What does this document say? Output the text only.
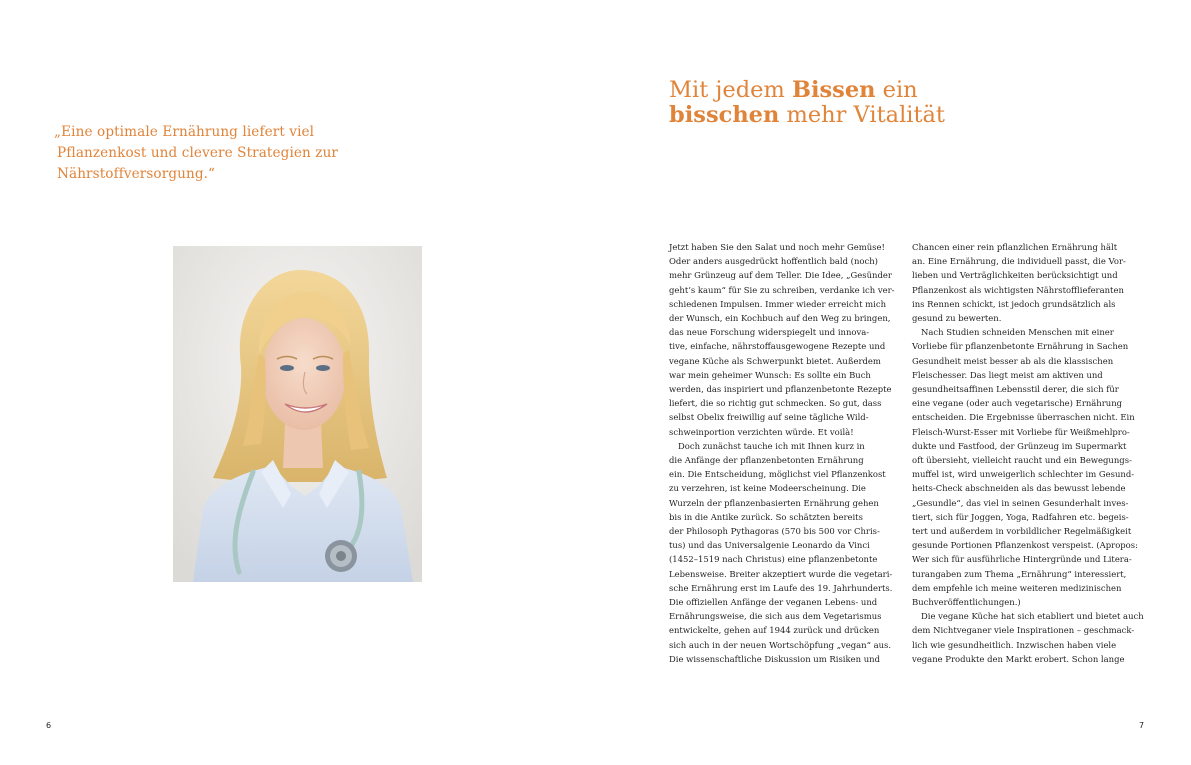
„Eine optimale Ernährung liefert viel
Pflanzenkost und clevere Strategien zur
Nährstoffversorgung.“
6
Mit jedem Bissen ein
bisschen mehr Vitalität
Jetzt haben Sie den Salat und noch mehr Gemüse!
Oder anders ausgedrückt hoffentlich bald (noch)
mehr Grünzeug auf dem Teller. Die Idee, „Gesünder
geht’s kaum“ für Sie zu schreiben, verdanke ich ver-
schiedenen Impulsen. Immer wieder erreicht mich
der Wunsch, ein Kochbuch auf den Weg zu bringen,
das neue Forschung widerspiegelt und innova-
tive, einfache, nährstoffausgewogene Rezepte und
vegane Küche als Schwerpunkt bietet. Außerdem
war mein geheimer Wunsch: Es sollte ein Buch
werden, das inspiriert und pflanzenbetonte Rezepte
liefert, die so richtig gut schmecken. So gut, dass
selbst Obelix freiwillig auf seine tägliche Wild-
schweinportion verzichten würde. Et voilà!
Doch zunächst tauche ich mit Ihnen kurz in
die Anfänge der pflanzenbetonten Ernährung
ein. Die Entscheidung, möglichst viel Pflanzenkost
zu verzehren, ist keine Modeerscheinung. Die
Wurzeln der pflanzenbasierten Ernährung gehen
bis in die Antike zurück. So schätzten bereits
der Philosoph Pythagoras (570 bis 500 vor Chris-
tus) und das Universalgenie Leonardo da Vinci
(1452–1519 nach Christus) eine pflanzenbetonte
Lebensweise. Breiter akzeptiert wurde die vegetari-
sche Ernährung erst im Laufe des 19. Jahrhunderts.
Die offiziellen Anfänge der veganen Lebens- und
Ernährungsweise, die sich aus dem Vegetarismus
entwickelte, gehen auf 1944 zurück und drücken
sich auch in der neuen Wortschöpfung „vegan“ aus.
Die wissenschaftliche Diskussion um Risiken und
Chancen einer rein pflanzlichen Ernährung hält
an. Eine Ernährung, die individuell passt, die Vor-
lieben und Verträglichkeiten berücksichtigt und
Pflanzenkost als wichtigsten Nährstofflieferanten
ins Rennen schickt, ist jedoch grundsätzlich als
gesund zu bewerten.
Nach Studien schneiden Menschen mit einer
Vorliebe für pflanzenbetonte Ernährung in Sachen
Gesundheit meist besser ab als die klassischen
Fleischesser. Das liegt meist am aktiven und
gesundheitsaffinen Lebensstil derer, die sich für
eine vegane (oder auch vegetarische) Ernährung
entscheiden. Die Ergebnisse überraschen nicht. Ein
Fleisch-Wurst-Esser mit Vorliebe für Weißmehlpro-
dukte und Fastfood, der Grünzeug im Supermarkt
oft übersieht, vielleicht raucht und ein Bewegungs-
muffel ist, wird unweigerlich schlechter im Gesund-
heits-Check abschneiden als das bewusst lebende
„Gesundle“, das viel in seinen Gesunderhalt inves-
tiert, sich für Joggen, Yoga, Radfahren etc. begeis-
tert und außerdem in vorbildlicher Regelmäßigkeit
gesunde Portionen Pflanzenkost verspeist. (Apropos:
Wer sich für ausführliche Hintergründe und Litera-
turangaben zum Thema „Ernährung“ interessiert,
dem empfehle ich meine weiteren medizinischen
Buchveröffentlichungen.)
Die vegane Küche hat sich etabliert und bietet auch
dem Nichtveganer viele Inspirationen – geschmack-
lich wie gesundheitlich. Inzwischen haben viele
vegane Produkte den Markt erobert. Schon lange
7
